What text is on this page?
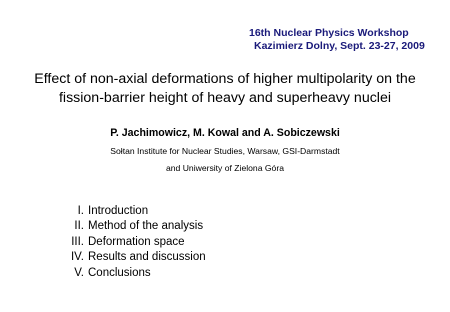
16th Nuclear Physics Workshop
Kazimierz Dolny, Sept. 23-27, 2009
Effect of non-axial deformations of higher multipolarity on the
fission-barrier height of heavy and superheavy nuclei
P. Jachimowicz, M. Kowal and A. Sobiczewski
Sołtan Institute for Nuclear Studies, Warsaw, GSI-Darmstadt
and Uniwersity of Zielona Góra
I. Introduction
II. Method of the analysis
III. Deformation space
IV. Results and discussion
V. Conclusions
